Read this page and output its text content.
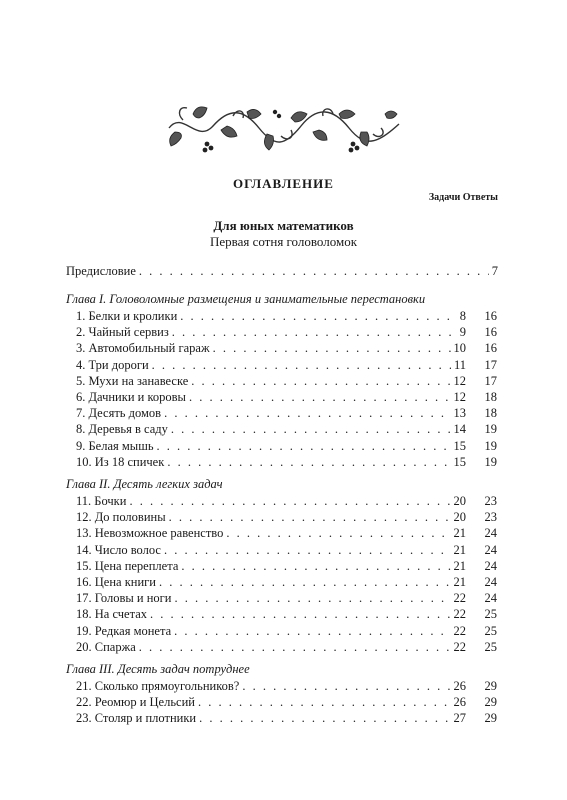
ОГЛАВЛЕНИЕ
Задачи Ответы
Для юных математиков
Первая сотня головоломок
Предисловие . . .	7
Глава I. Головоломные размещения и занимательные перестановки
1. Белки и кролики . . .	8	16
2. Чайный сервиз . . .	9	16
3. Автомобильный гараж . . .	10	16
4. Три дороги . . .	11	17
5. Мухи на занавеске . . .	12	17
6. Дачники и коровы . . .	12	18
7. Десять домов . . .	13	18
8. Деревья в саду . . .	14	19
9. Белая мышь . . .	15	19
10. Из 18 спичек . . .	15	19
Глава II. Десять легких задач
11. Бочки . . .	20	23
12. До половины . . .	20	23
13. Невозможное равенство . . .	21	24
14. Число волос . . .	21	24
15. Цена переплета . . .	21	24
16. Цена книги . . .	21	24
17. Головы и ноги . . .	22	24
18. На счетах . . .	22	25
19. Редкая монета . . .	22	25
20. Спаржа . . .	22	25
Глава III. Десять задач потруднее
21. Сколько прямоугольников? . . .	26	29
22. Реомюр и Цельсий . . .	26	29
23. Столяр и плотники . . .	27	29
